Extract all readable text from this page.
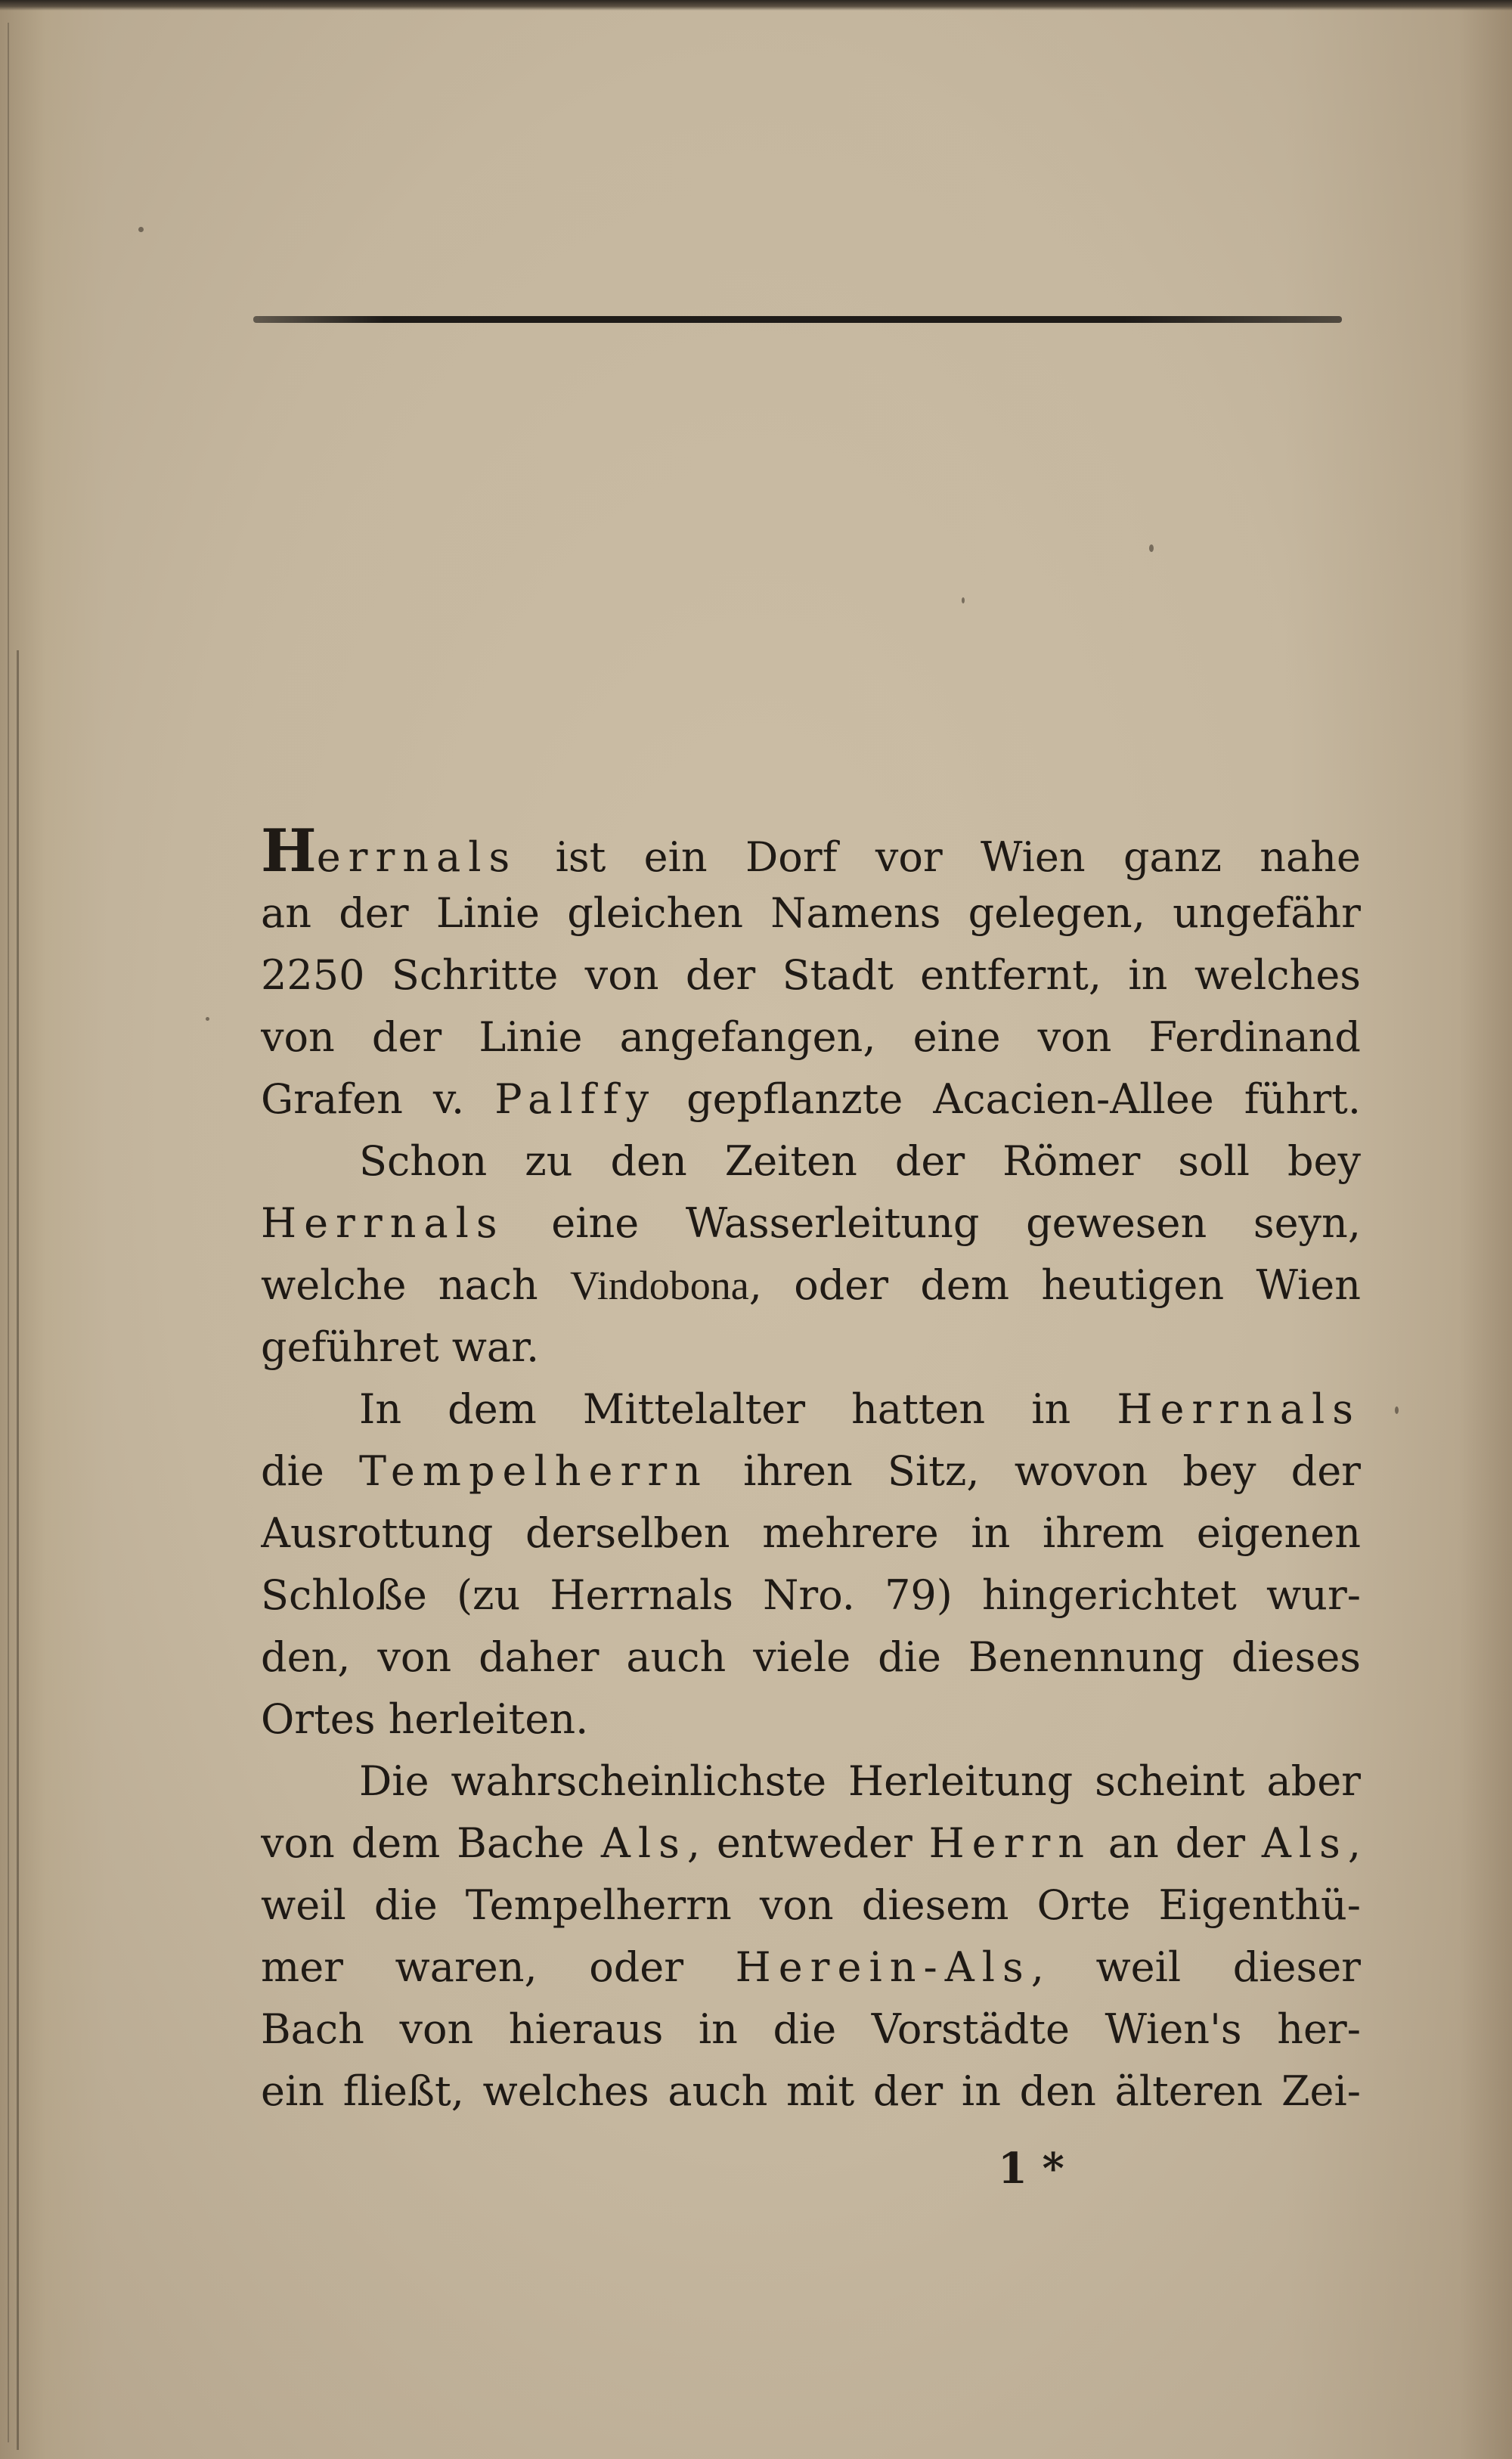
Herrnals ist ein Dorf vor Wien ganz nahe
an der Linie gleichen Namens gelegen, ungefähr
2250 Schritte von der Stadt entfernt, in welches
von der Linie angefangen, eine von Ferdinand
Grafen v. Palffy gepflanzte Acacien-Allee führt.
Schon zu den Zeiten der Römer soll bey
Herrnals eine Wasserleitung gewesen seyn,
welche nach Vindobona, oder dem heutigen Wien
geführet war.
In dem Mittelalter hatten in Herrnals
die Tempelherrn ihren Sitz, wovon bey der
Ausrottung derselben mehrere in ihrem eigenen
Schloße (zu Herrnals Nro. 79) hingerichtet wur-
den, von daher auch viele die Benennung dieses
Ortes herleiten.
Die wahrscheinlichste Herleitung scheint aber
von dem Bache Als, entweder Herrn an der Als,
weil die Tempelherrn von diesem Orte Eigenthü-
mer waren, oder Herein-Als, weil dieser
Bach von hieraus in die Vorstädte Wien's her-
ein fließt, welches auch mit der in den älteren Zei-
1 *
